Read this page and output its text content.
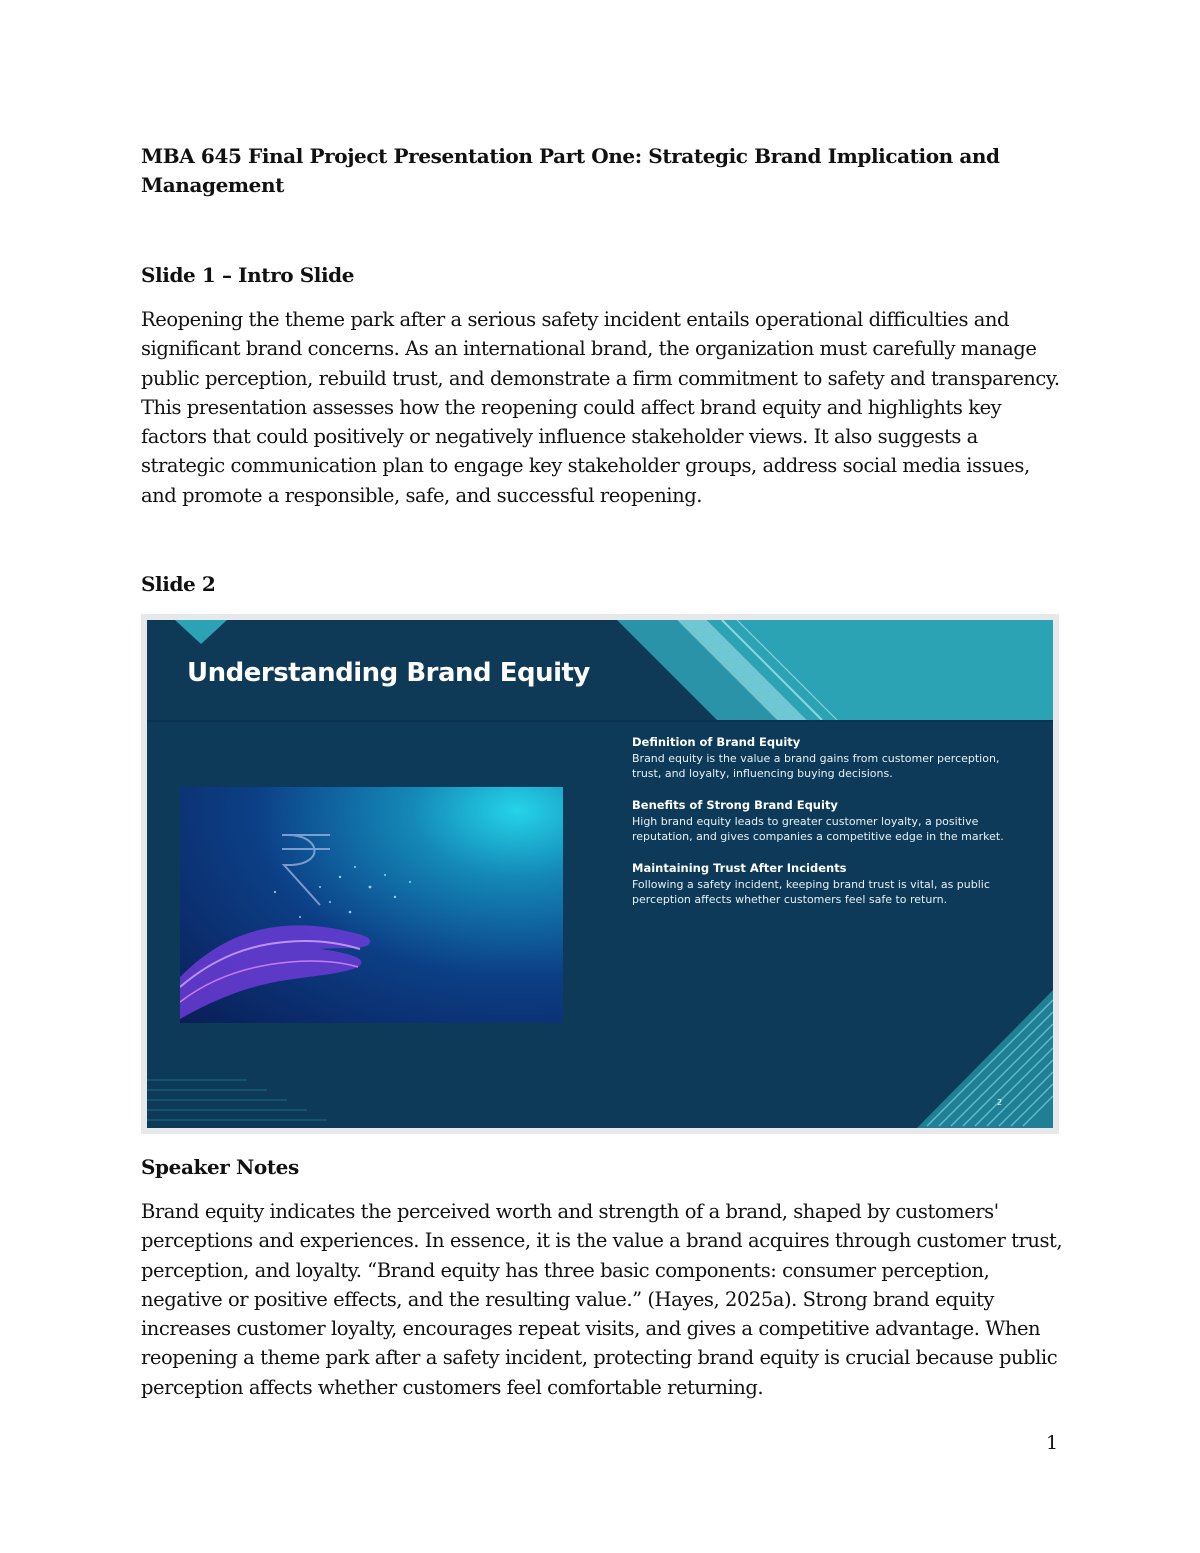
MBA 645 Final Project Presentation Part One: Strategic Brand Implication and Management
Slide 1 – Intro Slide

Reopening the theme park after a serious safety incident entails operational difficulties and significant brand concerns. As an international brand, the organization must carefully manage public perception, rebuild trust, and demonstrate a firm commitment to safety and transparency. This presentation assesses how the reopening could affect brand equity and highlights key factors that could positively or negatively influence stakeholder views. It also suggests a strategic communication plan to engage key stakeholder groups, address social media issues, and promote a responsible, safe, and successful reopening.

Slide 2
Understanding Brand Equity
Definition of Brand Equity
Brand equity is the value a brand gains from customer perception, trust, and loyalty, influencing buying decisions.
Benefits of Strong Brand Equity
High brand equity leads to greater customer loyalty, a positive reputation, and gives companies a competitive edge in the market.
Maintaining Trust After Incidents
Following a safety incident, keeping brand trust is vital, as public perception affects whether customers feel safe to return.
2
Speaker Notes

Brand equity indicates the perceived worth and strength of a brand, shaped by customers' perceptions and experiences. In essence, it is the value a brand acquires through customer trust, perception, and loyalty. “Brand equity has three basic components: consumer perception, negative or positive effects, and the resulting value.” (Hayes, 2025a). Strong brand equity increases customer loyalty, encourages repeat visits, and gives a competitive advantage. When reopening a theme park after a safety incident, protecting brand equity is crucial because public perception affects whether customers feel comfortable returning.

1
